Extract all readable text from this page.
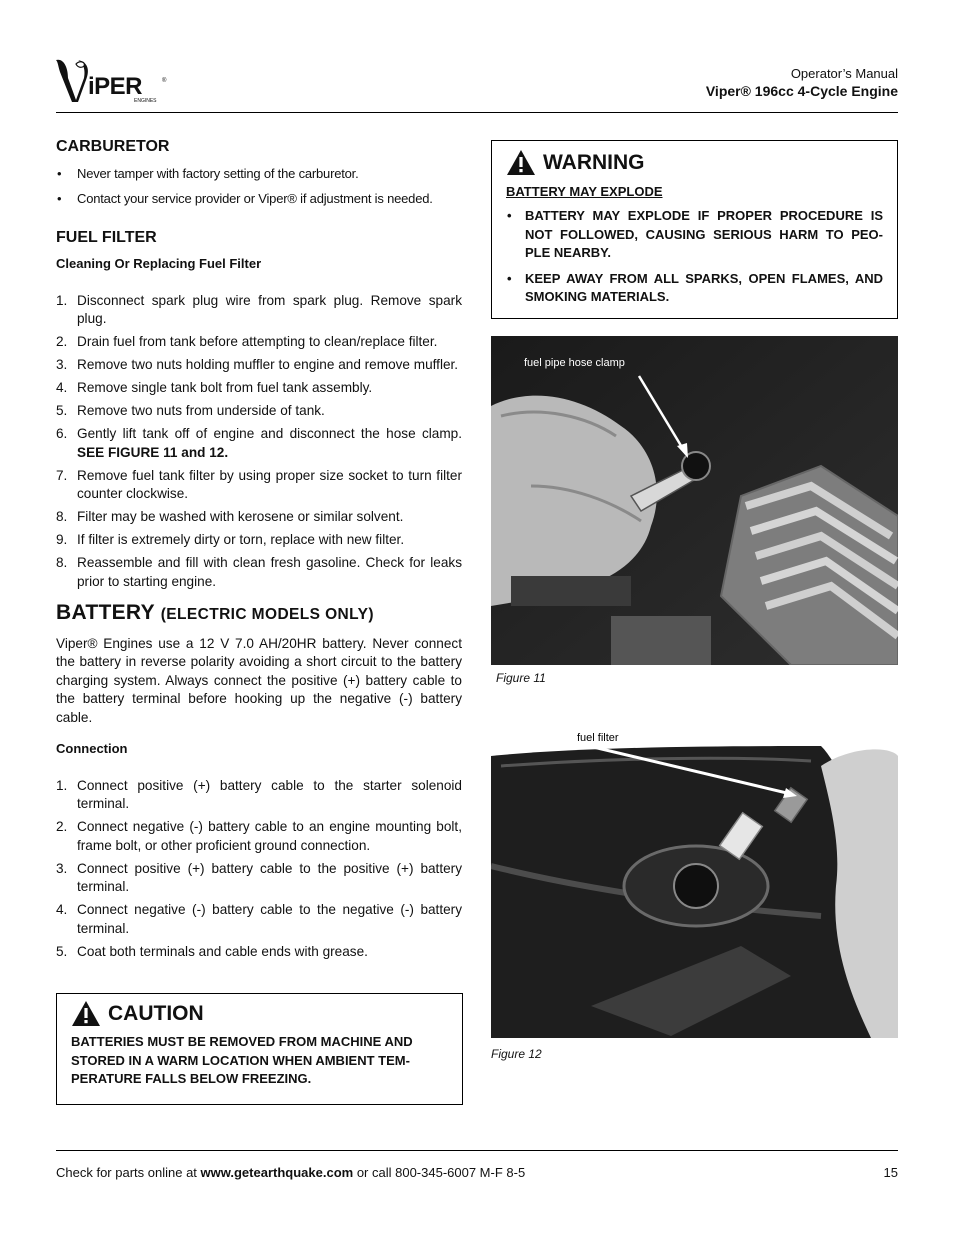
iPER
ENGINES
®	Operator’s Manual
Viper® 196cc 4-Cycle Engine
CARBURETOR
• Never tamper with factory setting of the carburetor.
• Contact your service provider or Viper® if adjustment is needed.
FUEL FILTER
Cleaning Or Replacing Fuel Filter
1. Disconnect spark plug wire from spark plug. Remove spark plug.
2. Drain fuel from tank before attempting to clean/replace filter.
3. Remove two nuts holding muffler to engine and remove muffler.
4. Remove single tank bolt from fuel tank assembly.
5. Remove two nuts from underside of tank.
6. Gently lift tank off of engine and disconnect the hose clamp. SEE FIGURE 11 and 12.
7. Remove fuel tank filter by using proper size socket to turn filter counter clockwise.
8. Filter may be washed with kerosene or similar solvent.
9. If filter is extremely dirty or torn, replace with new filter.
8. Reassemble and fill with clean fresh gasoline. Check for leaks prior to starting engine.
BATTERY (ELECTRIC MODELS ONLY)

Viper® Engines use a 12 V 7.0 AH/20HR battery. Never connect the battery in reverse polarity avoiding a short circuit to the battery charging system. Always connect the positive (+) battery cable to the battery terminal before hooking up the negative (-) battery cable.

Connection
1. Connect positive (+) battery cable to the starter solenoid terminal.
2. Connect negative (-) battery cable to an engine mounting bolt, frame bolt, or other proficient ground connection.
3. Connect positive (+) battery cable to the positive (+) battery terminal.
4. Connect negative (-) battery cable to the negative (-) battery terminal.
5. Coat both terminals and cable ends with grease.
CAUTION
BATTERIES MUST BE REMOVED FROM MACHINE AND STORED IN A WARM LOCATION WHEN AMBIENT TEM-PERATURE FALLS BELOW FREEZING.
WARNING
BATTERY MAY EXPLODE
• BATTERY MAY EXPLODE IF PROPER PROCEDURE IS NOT FOLLOWED, CAUSING SERIOUS HARM TO PEO-PLE NEARBY.
• KEEP AWAY FROM ALL SPARKS, OPEN FLAMES, AND SMOKING MATERIALS.
fuel pipe hose clamp
Figure 11
fuel filter
Figure 12
Check for parts online at www.getearthquake.com or call 800-345-6007 M-F 8-5	15
